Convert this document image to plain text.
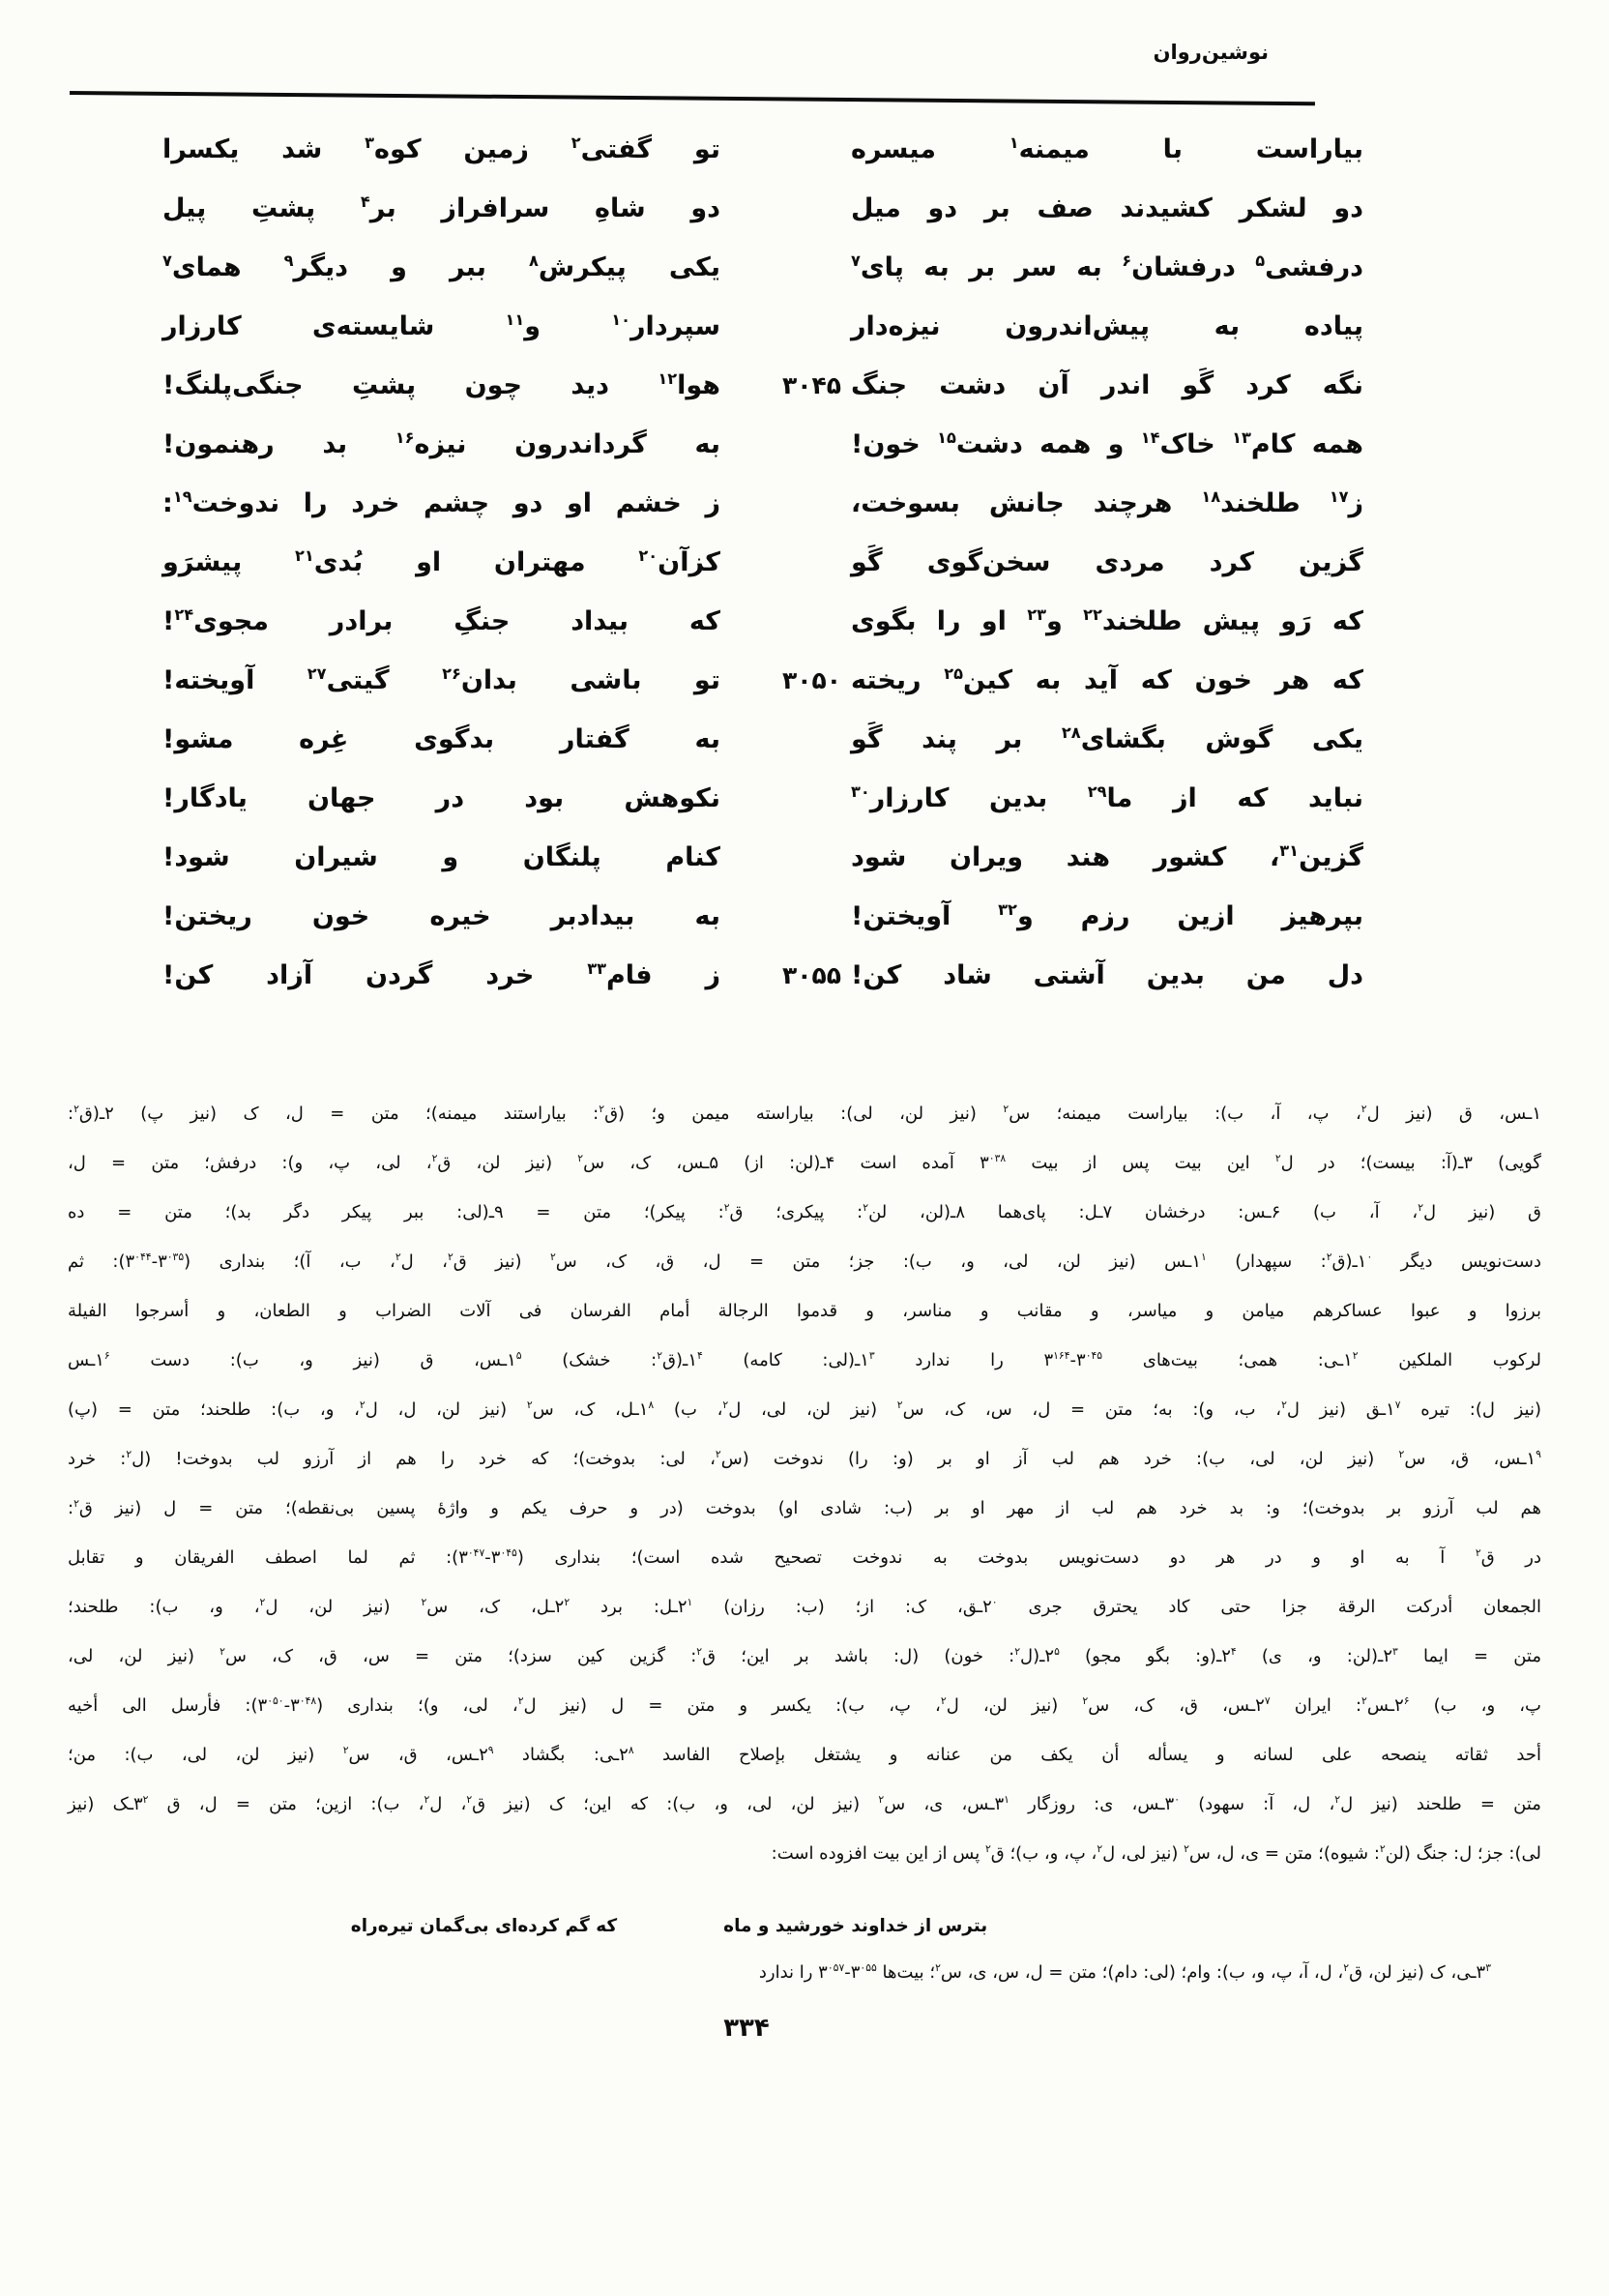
نوشین‌روان
بیاراست با میمنه$^۱$ میسره
تو گفتی$^۲$ زمین کوه$^۳$ شد یکسرا
دو لشکر کشیدند صف بر دو میل
دو شاهِ سرافراز بر$^۴$ پشتِ پیل
درفشی$^۵$ درفشان$^۶$ به سر بر به پای$^۷$
یکی پیکرش$^۸$ ببر و دیگر$^۹$ همای$^۷$
پیاده به پیش‌اندرون نیزه‌دار
سپردار$^{۱۰}$ و$^{۱۱}$ شایسته‌ی کارزار
نگه کرد گَو اندر آن دشت جنگ
۳۰۴۵
هوا$^{۱۲}$ دید چون پشتِ جنگی‌پلنگ!
همه کام$^{۱۳}$ خاک$^{۱۴}$ و همه دشت$^{۱۵}$ خون!
به گرداندرون نیزه$^{۱۶}$ بد رهنمون!
ز$^{۱۷}$ طلخند$^{۱۸}$ هرچند جانش بسوخت،
ز خشم او دو چشم خرد را ندوخت$^{۱۹}$:
گزین کرد مردی سخن‌گوی گَو
کزآن$^{۲۰}$ مهتران او بُدی$^{۲۱}$ پیشرَو
که رَو پیش طلخند$^{۲۲}$ و$^{۲۳}$ او را بگوی
که بیداد جنگِ برادر مجوی$^{۲۴}$!
که هر خون که آید به کین$^{۲۵}$ ریخته
۳۰۵۰
تو باشی بدان$^{۲۶}$ گیتی$^{۲۷}$ آویخته!
یکی گوش بگشای$^{۲۸}$ بر پند گَو
به گفتار بدگوی غِره مشو!
نباید که از ما$^{۲۹}$ بدین کارزار$^{۳۰}$
نکوهش بود در جهان یادگار!
گزین$^{۳۱}$، کشور هند ویران شود
کنام پلنگان و شیران شود!
بپرهیز ازین رزم و$^{۳۲}$ آویختن!
به بیدادبر خیره خون ریختن!
دل من بدین آشتی شاد کن!
۳۰۵۵
ز فام$^{۳۳}$ خرد گردن آزاد کن!
۱ـس، ق (نیز ل$^۲$، پ، آ، ب): بیاراست میمنه؛ س$^۲$ (نیز لن، لی): بیاراسته میمن و؛ (ق$^۲$: بیاراستند میمنه)؛ متن = ل، ک (نیز پ) ۲ـ(ق$^۲$:
گویی) ۳ـ(آ: بیست)؛ در ل$^۲$ این بیت پس از بیت $۳^{۰۳۸}$ آمده است ۴ـ(لن: از) ۵ـس، ک، س$^۲$ (نیز لن، ق$^۲$، لی، پ، و): درفش؛ متن = ل،
ق (نیز ل$^۲$، آ، ب) ۶ـس: درخشان ۷ـل: پای‌هما ۸ـ(لن، لن$^۲$: پیکری؛ ق$^۲$: پیکر)؛ متن = ۹ـ(لی: ببر پیکر دگر بد)؛ متن = ده
دست‌نویس دیگر $۱^۰ـ(ق^۲$: سپهدار) $۱^۱ـس$ (نیز لن، لی، و، ب): جز؛ متن = ل، ق، ک، س$^۲$ (نیز ق$^۲$، ل$^۲$، ب، آ)؛ بنداری $(۳^{۰۳۵}-۳^{۰۴۴})$: ثم
برزوا و عبوا عساکرهم میامن و میاسر، و مقانب و مناسر، و قدموا الرجالة أمام الفرسان فی آلات الضراب و الطعان، و أسرجوا الفیلة
لرکوب الملکین $۱^۲ـی$: همی؛ بیت‌های $۳^{۰۴۵}-۳^{۱۶۴}$ را ندارد $۱^۳ـ(لی$: کامه) $۱^۴ـ(ق^۲$: خشک) $۱^۵ـس،$ ق (نیز و، ب): دست $۱^۶ـس$
(نیز ل): تیره $۱^۷ـق$ (نیز ل$^۲$، ب، و): به؛ متن = ل، س، ک، س$^۲$ (نیز لن، لی، ل$^۲$، ب) $۱^۸ـل،$ ک، س$^۲$ (نیز لن، ل، ل$^۲$، و، ب): طلحند؛ متن = (پ)
$۱^۹ـس،$ ق، س$^۲$ (نیز لن، لی، ب): خرد هم لب آز او بر (و: را) ندوخت (س$^۲$، لی: بدوخت)؛ که خرد را هم از آرزو لب بدوخت! (ل$^۲$: خرد
هم لب آرزو بر بدوخت)؛ و: بد خرد هم لب از مهر او بر (ب: شادی او) بدوخت (در و حرف یکم و واژهٔ پسین بی‌نقطه)؛ متن = ل (نیز ق$^۲$:
در ق$^۲$ آ به او و در هر دو دست‌نویس بدوخت به ندوخت تصحیح شده است)؛ بنداری $(۳^{۰۴۵}-۳^{۰۴۷})$: ثم لما اصطف الفریقان و تقابل
الجمعان أدرکت الرقة جزا حتی کاد یحترق جری $۲^۰ـق،$ ک: از؛ (ب: رزان) $۲^۱ـل$: برد $۲^۲ـل،$ ک، س$^۲$ (نیز لن، ل$^۲$، و، ب): طلحند؛
متن = ایما $۲^۳ـ(لن$: و، ی) $۲^۴ـ(و$: بگو مجو) $۲^۵ـ(ل^۲$: خون) (ل: باشد بر این؛ ق$^۲$: گزین کین سزد)؛ متن = س، ق، ک، س$^۲$ (نیز لن، لی،
پ، و، ب) $۲^۶ـس^۲$: ایران $۲^۷ـس،$ ق، ک، س$^۲$ (نیز لن، ل$^۲$، پ، ب): یکسر و متن = ل (نیز ل$^۲$، لی، و)؛ بنداری $(۳^{۰۴۸}-۳^{۰۵۰})$: فأرسل الی أخیه
أحد ثقاته ینصحه علی لسانه و یسأله أن یکف من عنانه و یشتغل بإصلاح الفاسد $۲^۸ـی$: بگشاد $۲^۹ـس،$ ق، س$^۲$ (نیز لن، لی، ب): من؛
متن = طلحند (نیز ل$^۲$، ل، آ: سهود) $۳^۰ـس،$ ی: روزگار $۳^۱ـس،$ ی، س$^۲$ (نیز لن، لی، و، ب): که این؛ ک (نیز ق$^۲$، ل$^۲$، ب): ازین؛ متن = ل، ق $۳^۲ـک$ (نیز
لی): جز؛ ل: جنگ (لن$^۲$: شیوه)؛ متن = ی، ل، س$^۲$ (نیز لی، ل$^۲$، پ، و، ب)؛ ق$^۲$ پس از این بیت افزوده است:
بترس از خداوند خورشید و ماه
که گم کرده‌ای بی‌گمان تیره‌راه
$۳^۳ـی،$ ک (نیز لن، ق$^۲$، ل، آ، پ، و، ب): وام؛ (لی: دام)؛ متن = ل، س، ی، س$^۲$؛ بیت‌ها $۳^{۰۵۵}-۳^{۰۵۷}$ را ندارد
۳۳۴
